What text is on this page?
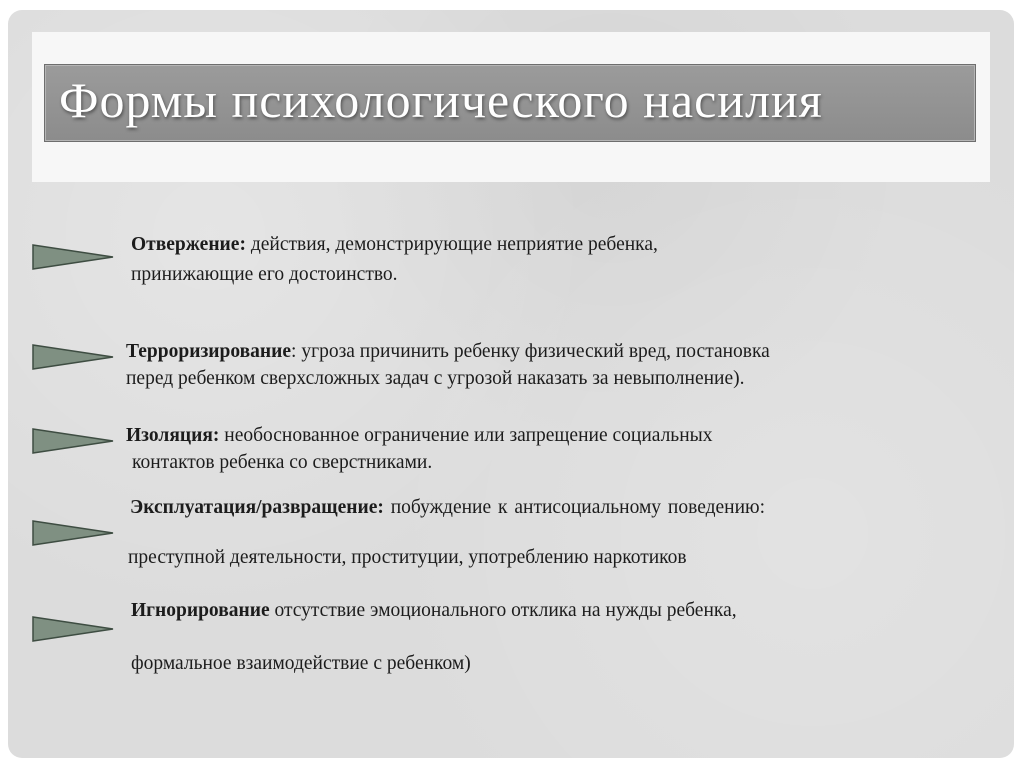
Формы психологического насилия
Отвержение: действия, демонстрирующие неприятие ребенка,
принижающие его достоинство.
Терроризирование: угроза причинить ребенку физический вред, постановка
перед ребенком сверхсложных задач с угрозой наказать за невыполнение).
Изоляция: необоснованное ограничение или запрещение социальных
контактов ребенка со сверстниками.
Эксплуатация/развращение: побуждение к антисоциальному поведению:
преступной деятельности, проституции, употреблению наркотиков
Игнорирование отсутствие эмоционального отклика на нужды ребенка,
формальное взаимодействие с ребенком)
